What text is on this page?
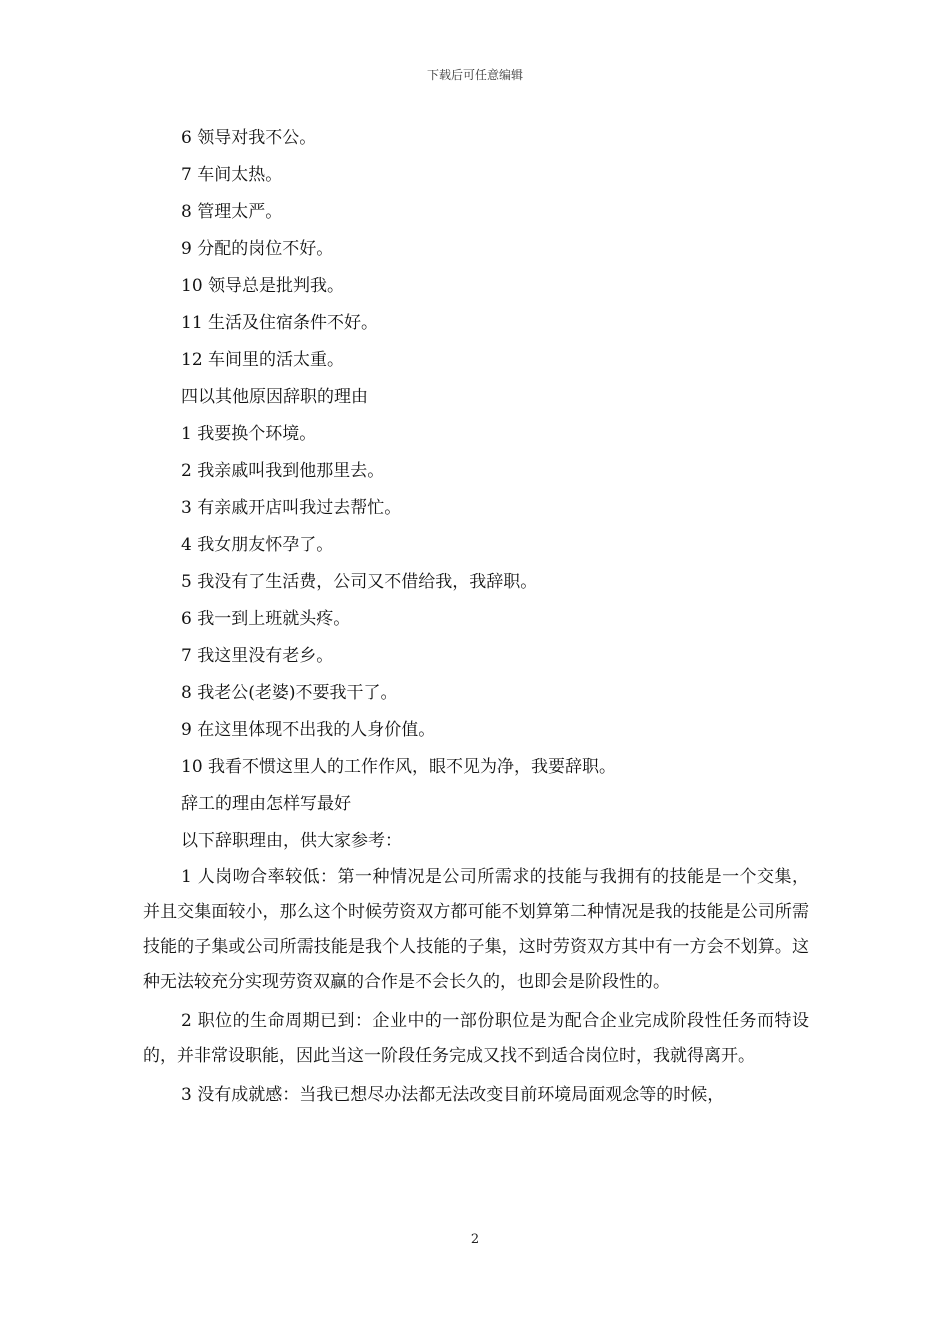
下载后可任意编辑
6 领导对我不公。
7 车间太热。
8 管理太严。
9 分配的岗位不好。
10 领导总是批判我。
11 生活及住宿条件不好。
12 车间里的活太重。
四以其他原因辞职的理由
1 我要换个环境。
2 我亲戚叫我到他那里去。
3 有亲戚开店叫我过去帮忙。
4 我女朋友怀孕了。
5 我没有了生活费，公司又不借给我，我辞职。
6 我一到上班就头疼。
7 我这里没有老乡。
8 我老公(老婆)不要我干了。
9 在这里体现不出我的人身价值。
10 我看不惯这里人的工作作风，眼不见为净，我要辞职。
辞工的理由怎样写最好
以下辞职理由，供大家参考：

1 人岗吻合率较低：第一种情况是公司所需求的技能与我拥有的技能是一个交集，并且交集面较小，那么这个时候劳资双方都可能不划算第二种情况是我的技能是公司所需技能的子集或公司所需技能是我个人技能的子集，这时劳资双方其中有一方会不划算。这种无法较充分实现劳资双赢的合作是不会长久的，也即会是阶段性的。

2 职位的生命周期已到：企业中的一部份职位是为配合企业完成阶段性任务而特设的，并非常设职能，因此当这一阶段任务完成又找不到适合岗位时，我就得离开。

3 没有成就感：当我已想尽办法都无法改变目前环境局面观念等的时候，

2
